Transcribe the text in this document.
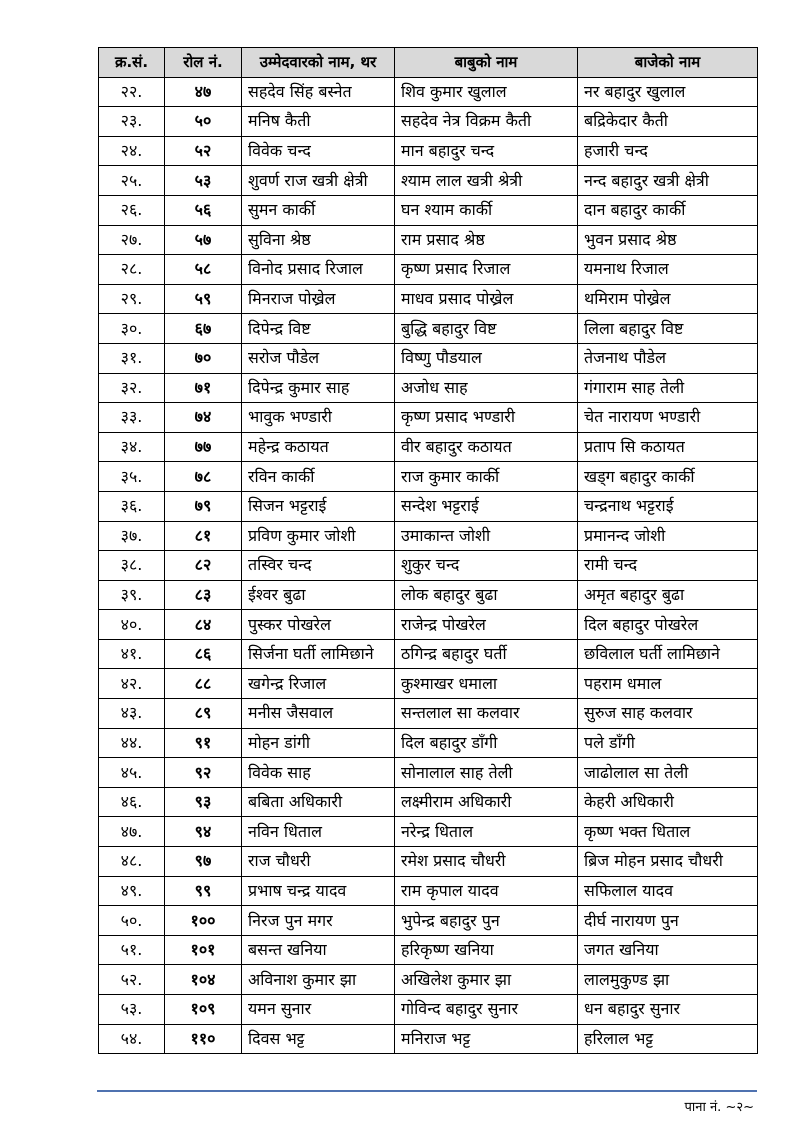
क्र.सं.	रोल नं.	उम्मेदवारको नाम, थर	बाबुको नाम	बाजेको नाम
२२.	४७	सहदेव सिंह बस्नेत	शिव कुमार खुलाल	नर बहादुर खुलाल
२३.	५०	मनिष कैती	सहदेव नेत्र विक्रम कैती	बद्रिकेदार कैती
२४.	५२	विवेक चन्द	मान बहादुर चन्द	हजारी चन्द
२५.	५३	शुवर्ण राज खत्री क्षेत्री	श्याम लाल खत्री श्रेत्री	नन्द बहादुर खत्री क्षेत्री
२६.	५६	सुमन कार्की	घन श्याम कार्की	दान बहादुर कार्की
२७.	५७	सुविना श्रेष्ठ	राम प्रसाद श्रेष्ठ	भुवन प्रसाद श्रेष्ठ
२८.	५८	विनोद प्रसाद रिजाल	कृष्ण प्रसाद रिजाल	यमनाथ रिजाल
२९.	५९	मिनराज पोख्रेल	माधव प्रसाद पोख्रेल	थमिराम पोख्रेल
३०.	६७	दिपेन्द्र विष्ट	बुद्धि बहादुर विष्ट	लिला बहादुर विष्ट
३१.	७०	सरोज पौडेल	विष्णु पौडयाल	तेजनाथ पौडेल
३२.	७१	दिपेन्द्र कुमार साह	अजोध साह	गंगाराम साह तेली
३३.	७४	भावुक भण्डारी	कृष्ण प्रसाद भण्डारी	चेत नारायण भण्डारी
३४.	७७	महेन्द्र कठायत	वीर बहादुर कठायत	प्रताप सि कठायत
३५.	७८	रविन कार्की	राज कुमार कार्की	खड्ग बहादुर कार्की
३६.	७९	सिजन भट्टराई	सन्देश भट्टराई	चन्द्रनाथ भट्टराई
३७.	८१	प्रविण कुमार जोशी	उमाकान्त जोशी	प्रमानन्द जोशी
३८.	८२	तस्विर चन्द	शुकुर चन्द	रामी चन्द
३९.	८३	ईश्वर बुढा	लोक बहादुर बुढा	अमृत बहादुर बुढा
४०.	८४	पुस्कर पोखरेल	राजेन्द्र पोखरेल	दिल बहादुर पोखरेल
४१.	८६	सिर्जना घर्ती लामिछाने	ठगिन्द्र बहादुर घर्ती	छविलाल घर्ती लामिछाने
४२.	८८	खगेन्द्र रिजाल	कुश्माखर धमाला	पहराम धमाल
४३.	८९	मनीस जैसवाल	सन्तलाल सा कलवार	सुरुज साह कलवार
४४.	९१	मोहन डांगी	दिल बहादुर डाँगी	पले डाँगी
४५.	९२	विवेक साह	सोनालाल साह तेली	जाढोलाल सा तेली
४६.	९३	बबिता अधिकारी	लक्ष्मीराम अधिकारी	केहरी अधिकारी
४७.	९४	नविन धिताल	नरेन्द्र धिताल	कृष्ण भक्त धिताल
४८.	९७	राज चौधरी	रमेश प्रसाद चौधरी	ब्रिज मोहन प्रसाद चौधरी
४९.	९९	प्रभाष चन्द्र यादव	राम कृपाल यादव	सफिलाल यादव
५०.	१००	निरज पुन मगर	भुपेन्द्र बहादुर पुन	दीर्घ नारायण पुन
५१.	१०१	बसन्त खनिया	हरिकृष्ण खनिया	जगत खनिया
५२.	१०४	अविनाश कुमार झा	अखिलेश कुमार झा	लालमुकुण्ड झा
५३.	१०९	यमन सुनार	गोविन्द बहादुर सुनार	धन बहादुर सुनार
५४.	११०	दिवस भट्ट	मनिराज भट्ट	हरिलाल भट्ट
पाना नं. ~२~
